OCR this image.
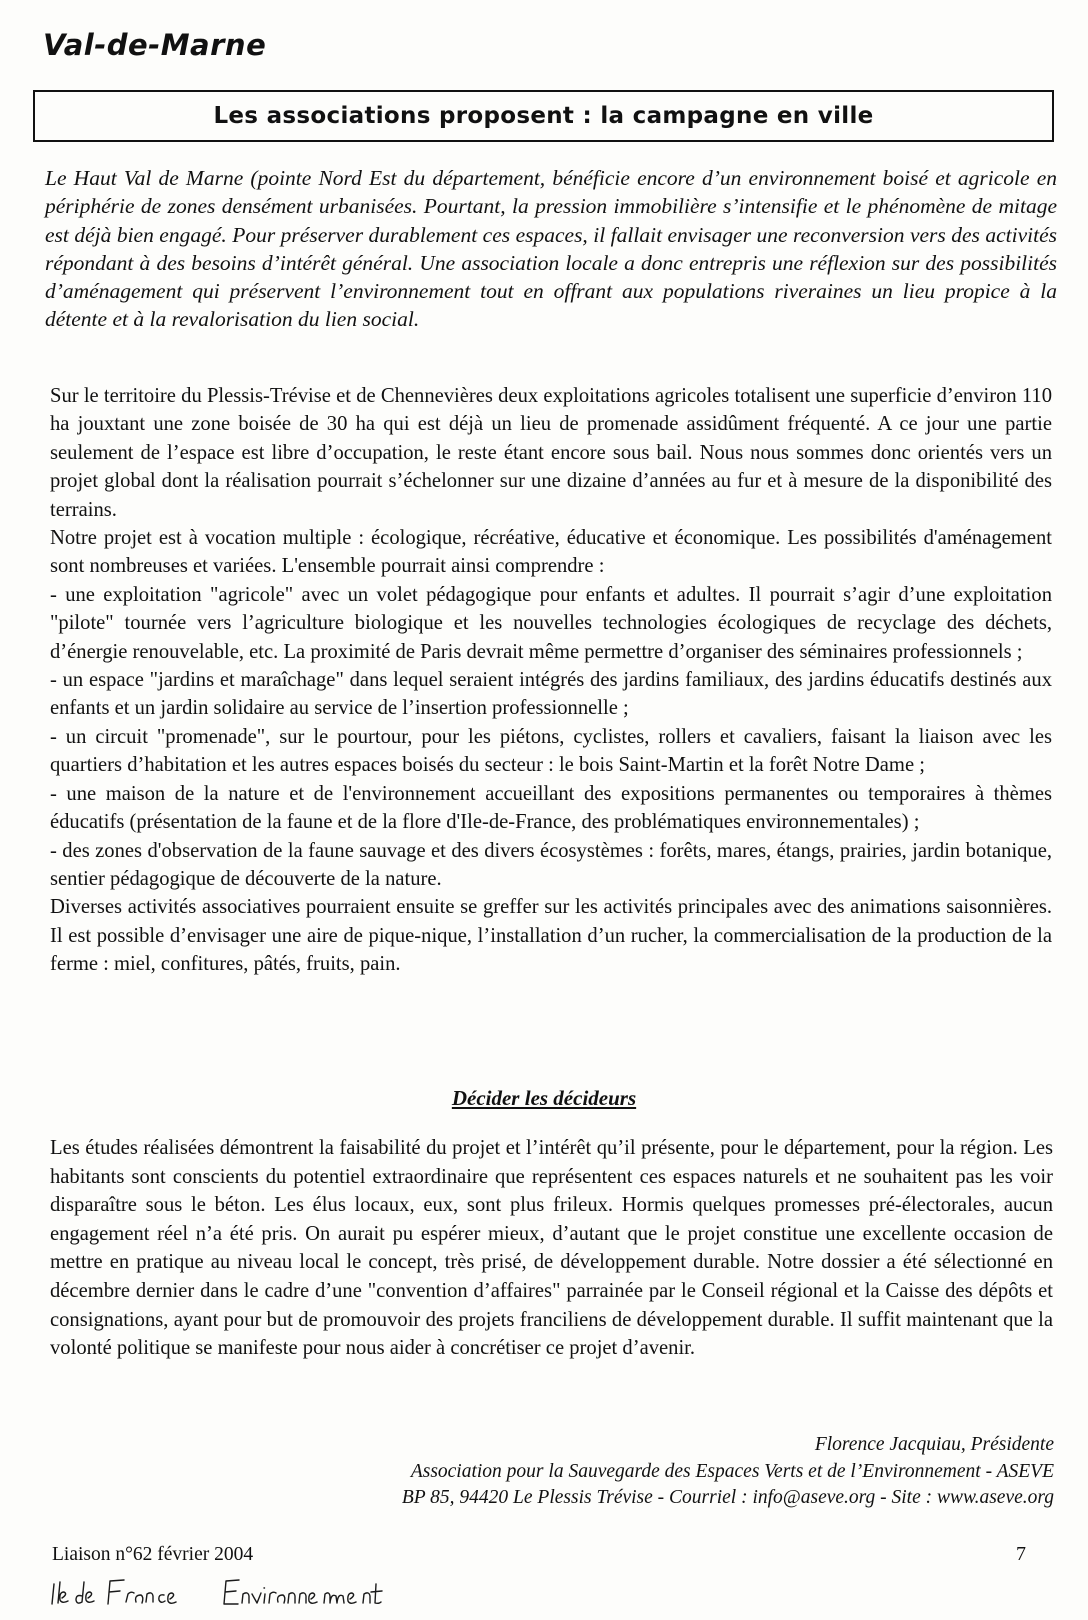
Val-de-Marne
Les associations proposent : la campagne en ville

Le Haut Val de Marne (pointe Nord Est du département, bénéficie encore d’un environnement boisé et agricole en périphérie de zones densément urbanisées. Pourtant, la pression immobilière s’intensifie et le phénomène de mitage est déjà bien engagé. Pour préserver durablement ces espaces, il fallait envisager une reconversion vers des activités répondant à des besoins d’intérêt général. Une association locale a donc entrepris une réflexion sur des possibilités d’aménagement qui préservent l’environnement tout en offrant aux populations riveraines un lieu propice à la détente et à la revalorisation du lien social.

Sur le territoire du Plessis-Trévise et de Chennevières deux exploitations agricoles totalisent une superficie d’environ 110 ha jouxtant une zone boisée de 30 ha qui est déjà un lieu de promenade assidûment fréquenté. A ce jour une partie seulement de l’espace est libre d’occupation, le reste étant encore sous bail. Nous nous sommes donc orientés vers un projet global dont la réalisation pourrait s’échelonner sur une dizaine d’années au fur et à mesure de la disponibilité des terrains.

Notre projet est à vocation multiple : écologique, récréative, éducative et économique. Les possibilités d'aménagement sont nombreuses et variées. L'ensemble pourrait ainsi comprendre :

- une exploitation "agricole" avec un volet pédagogique pour enfants et adultes. Il pourrait s’agir d’une exploitation "pilote" tournée vers l’agriculture biologique et les nouvelles technologies écologiques de recyclage des déchets, d’énergie renouvelable, etc. La proximité de Paris devrait même permettre d’organiser des séminaires professionnels ;

- un espace "jardins et maraîchage" dans lequel seraient intégrés des jardins familiaux, des jardins éducatifs destinés aux enfants et un jardin solidaire au service de l’insertion professionnelle ;

- un circuit "promenade", sur le pourtour, pour les piétons, cyclistes, rollers et cavaliers, faisant la liaison avec les quartiers d’habitation et les autres espaces boisés du secteur : le bois Saint-Martin et la forêt Notre Dame ;

- une maison de la nature et de l'environnement accueillant des expositions permanentes ou temporaires à thèmes éducatifs (présentation de la faune et de la flore d'Ile-de-France, des problématiques environnementales) ;

- des zones d'observation de la faune sauvage et des divers écosystèmes : forêts, mares, étangs, prairies, jardin botanique, sentier pédagogique de découverte de la nature.

Diverses activités associatives pourraient ensuite se greffer sur les activités principales avec des animations saisonnières. Il est possible d’envisager une aire de pique-nique, l’installation d’un rucher, la commercialisation de la production de la ferme : miel, confitures, pâtés, fruits, pain.

Décider les décideurs

Les études réalisées démontrent la faisabilité du projet et l’intérêt qu’il présente, pour le département, pour la région. Les habitants sont conscients du potentiel extraordinaire que représentent ces espaces naturels et ne souhaitent pas les voir disparaître sous le béton. Les élus locaux, eux, sont plus frileux. Hormis quelques promesses pré-électorales, aucun engagement réel n’a été pris. On aurait pu espérer mieux, d’autant que le projet constitue une excellente occasion de mettre en pratique au niveau local le concept, très prisé, de développement durable. Notre dossier a été sélectionné en décembre dernier dans le cadre d’une "convention d’affaires" parrainée par le Conseil régional et la Caisse des dépôts et consignations, ayant pour but de promouvoir des projets franciliens de développement durable. Il suffit maintenant que la volonté politique se manifeste pour nous aider à concrétiser ce projet d’avenir.

Florence Jacquiau, Présidente
Association pour la Sauvegarde des Espaces Verts et de l’Environnement - ASEVE
BP 85, 94420 Le Plessis Trévise - Courriel : info@aseve.org - Site : www.aseve.org
Liaison n°62 février 2004	7
